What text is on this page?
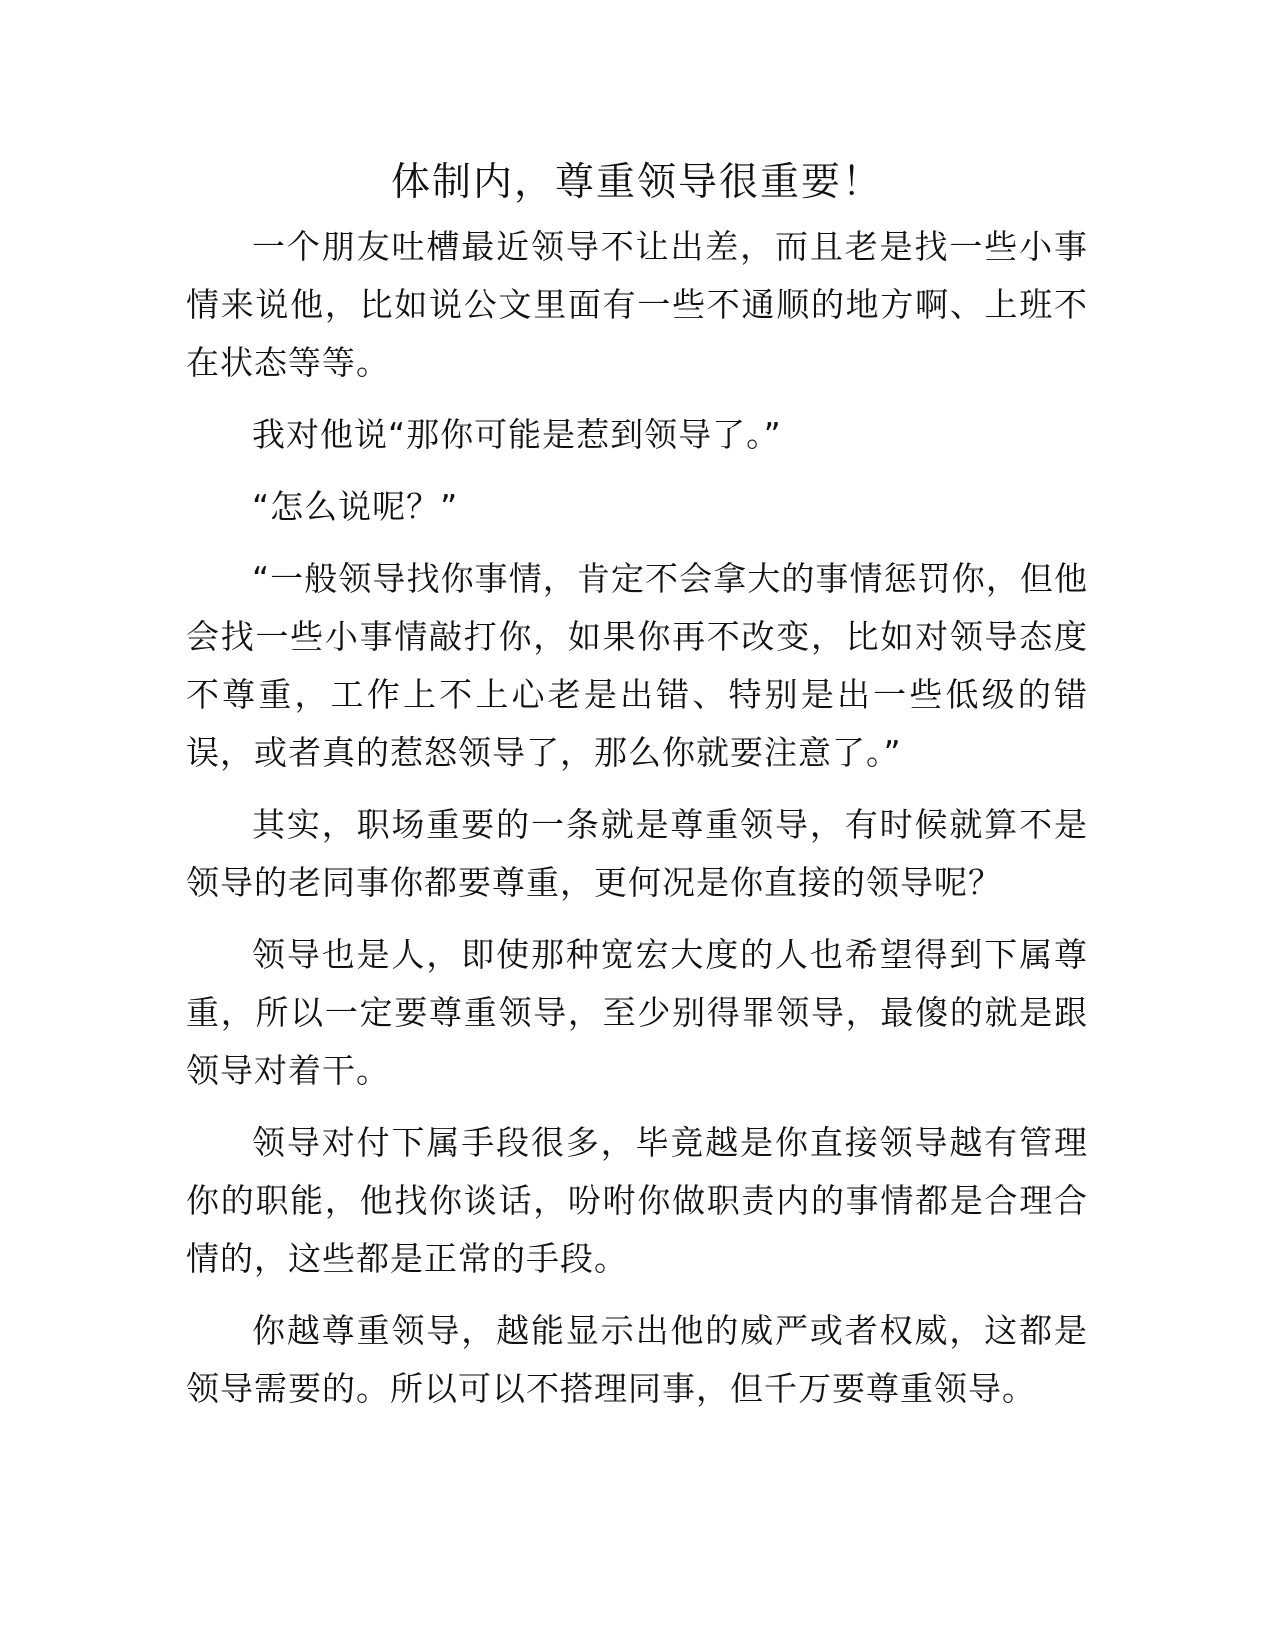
体制内，尊重领导很重要！

一个朋友吐槽最近领导不让出差，而且老是找一些小事情来说他，比如说公文里面有一些不通顺的地方啊、上班不在状态等等。

我对他说“那你可能是惹到领导了。”

“怎么说呢？”

“一般领导找你事情，肯定不会拿大的事情惩罚你，但他会找一些小事情敲打你，如果你再不改变，比如对领导态度不尊重，工作上不上心老是出错、特别是出一些低级的错误，或者真的惹怒领导了，那么你就要注意了。”

其实，职场重要的一条就是尊重领导，有时候就算不是领导的老同事你都要尊重，更何况是你直接的领导呢？

领导也是人，即使那种宽宏大度的人也希望得到下属尊重，所以一定要尊重领导，至少别得罪领导，最傻的就是跟领导对着干。

领导对付下属手段很多，毕竟越是你直接领导越有管理你的职能，他找你谈话，吩咐你做职责内的事情都是合理合情的，这些都是正常的手段。

你越尊重领导，越能显示出他的威严或者权威，这都是领导需要的。所以可以不搭理同事，但千万要尊重领导。
